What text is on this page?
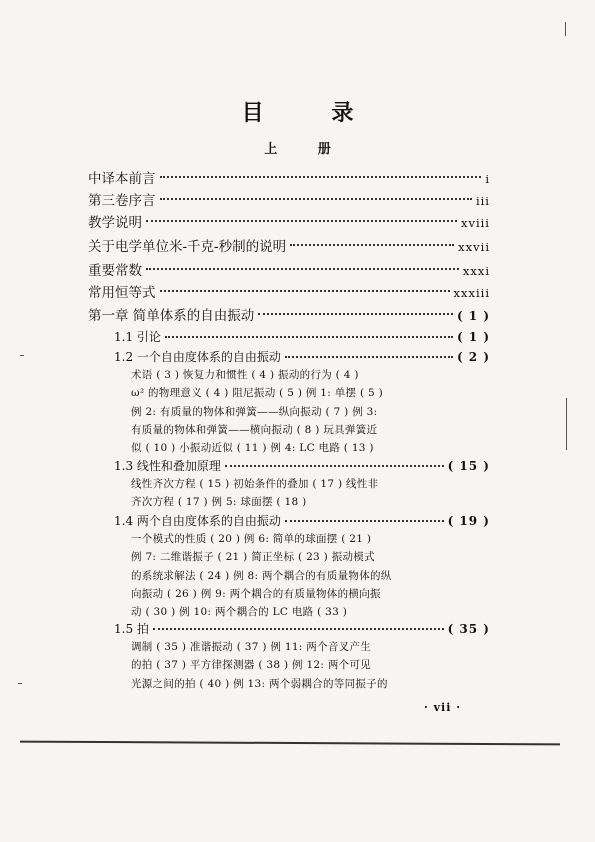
目 录
上 册
中译本前言	i
第三卷序言	iii
教学说明	xviii
关于电学单位米-千克-秒制的说明	xxvii
重要常数	xxxi
常用恒等式	xxxiii
第一章 简单体系的自由振动	( 1 )
1.1 引论	( 1 )
1.2 一个自由度体系的自由振动	( 2 )

术语 ( 3 ) 恢复力和惯性 ( 4 ) 振动的行为 ( 4 )

ω² 的物理意义 ( 4 ) 阻尼振动 ( 5 ) 例 1: 单摆 ( 5 )

例 2: 有质量的物体和弹簧——纵向振动 ( 7 ) 例 3:

有质量的物体和弹簧——横向振动 ( 8 ) 玩具弹簧近

似 ( 10 ) 小振动近似 ( 11 ) 例 4: LC 电路 ( 13 )

1.3 线性和叠加原理	( 15 )

线性齐次方程 ( 15 ) 初始条件的叠加 ( 17 ) 线性非

齐次方程 ( 17 ) 例 5: 球面摆 ( 18 )

1.4 两个自由度体系的自由振动	( 19 )

一个模式的性质 ( 20 ) 例 6: 简单的球面摆 ( 21 )

例 7: 二维谐振子 ( 21 ) 简正坐标 ( 23 ) 振动模式

的系统求解法 ( 24 ) 例 8: 两个耦合的有质量物体的纵

向振动 ( 26 ) 例 9: 两个耦合的有质量物体的横向振

动 ( 30 ) 例 10: 两个耦合的 LC 电路 ( 33 )

1.5 拍	( 35 )

调制 ( 35 ) 准谐振动 ( 37 ) 例 11: 两个音叉产生

的拍 ( 37 ) 平方律探测器 ( 38 ) 例 12: 两个可见

光源之间的拍 ( 40 ) 例 13: 两个弱耦合的等同振子的

· vii ·
